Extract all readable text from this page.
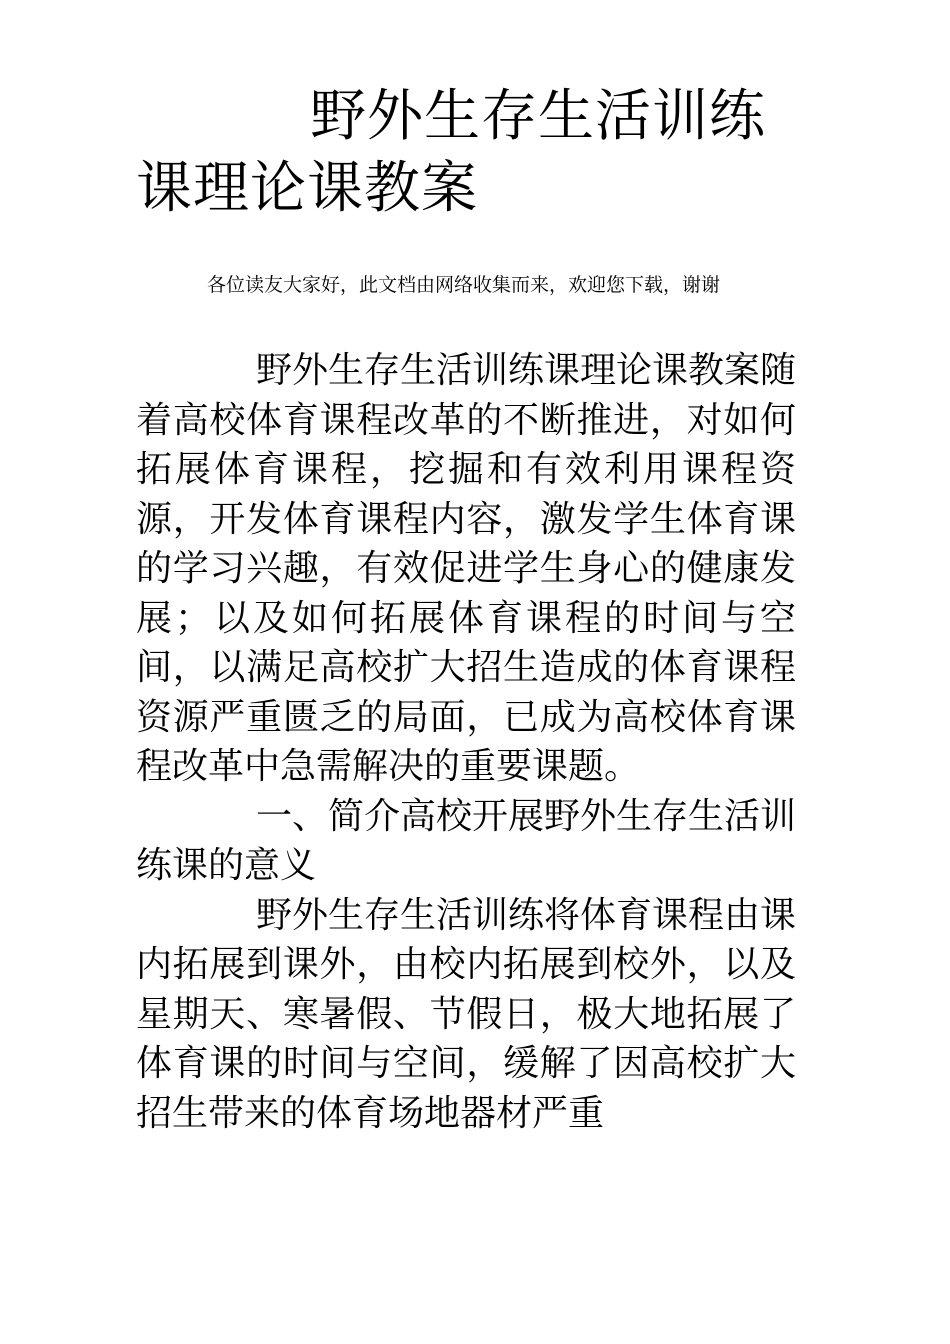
野外生存生活训练
课理论课教案
各位读友大家好，此文档由网络收集而来，欢迎您下载，谢谢

野外生存生活训练课理论课教案随着高校体育课程改革的不断推进，对如何拓展体育课程，挖掘和有效利用课程资源，开发体育课程内容，激发学生体育课的学习兴趣，有效促进学生身心的健康发展；以及如何拓展体育课程的时间与空间，以满足高校扩大招生造成的体育课程资源严重匮乏的局面，已成为高校体育课程改革中急需解决的重要课题。

一、简介高校开展野外生存生活训练课的意义

野外生存生活训练将体育课程由课内拓展到课外，由校内拓展到校外，以及星期天、寒暑假、节假日，极大地拓展了体育课的时间与空间，缓解了因高校扩大招生带来的体育场地器材严重
